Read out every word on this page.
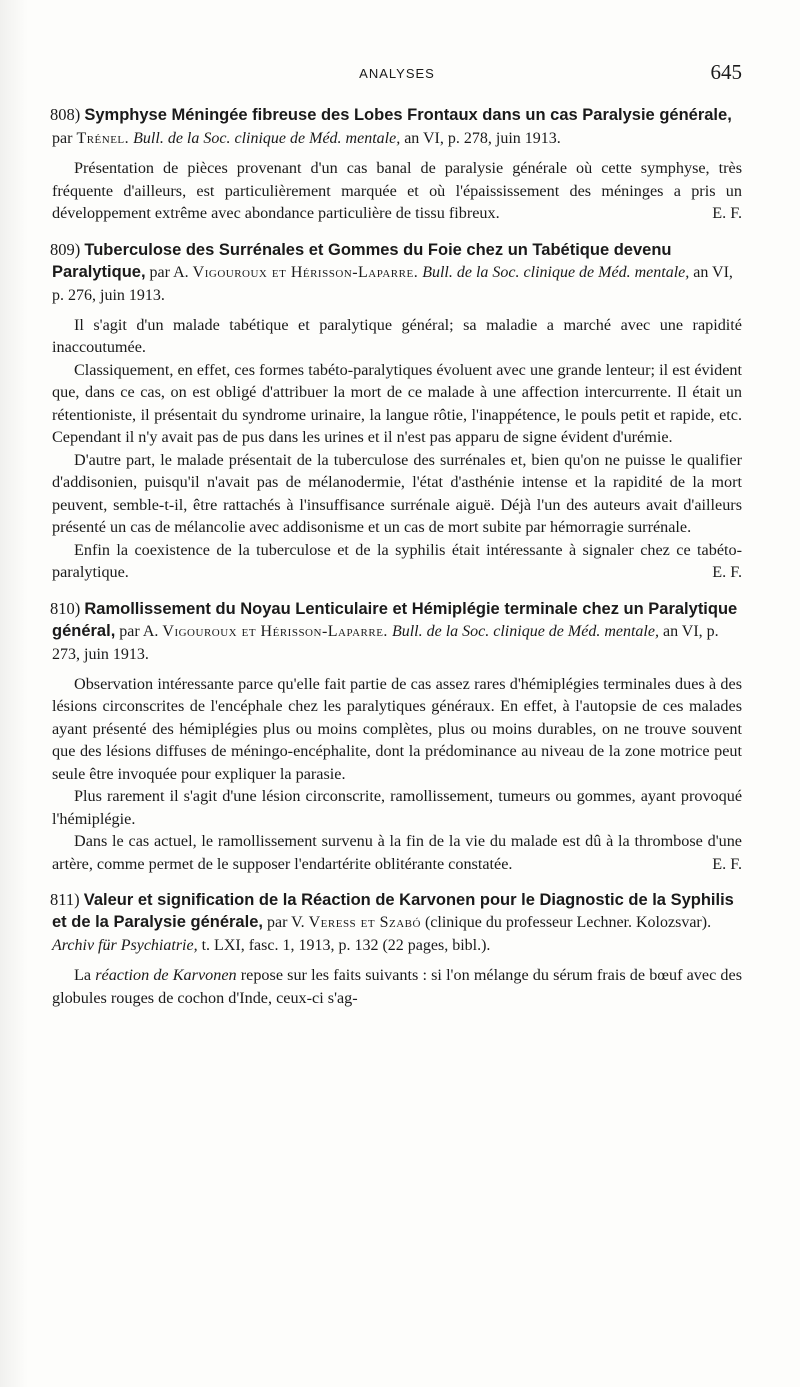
ANALYSES	645

808) Symphyse Méningée fibreuse des Lobes Frontaux dans un cas Paralysie générale, par Trénel. Bull. de la Soc. clinique de Méd. mentale, an VI, p. 278, juin 1913.

Présentation de pièces provenant d'un cas banal de paralysie générale où cette symphyse, très fréquente d'ailleurs, est particulièrement marquée et où l'épaississement des méninges a pris un développement extrême avec abondance particulière de tissu fibreux.	E. F.

809) Tuberculose des Surrénales et Gommes du Foie chez un Tabétique devenu Paralytique, par A. Vigouroux et Hérisson-Laparre. Bull. de la Soc. clinique de Méd. mentale, an VI, p. 276, juin 1913.

Il s'agit d'un malade tabétique et paralytique général; sa maladie a marché avec une rapidité inaccoutumée.

Classiquement, en effet, ces formes tabéto-paralytiques évoluent avec une grande lenteur; il est évident que, dans ce cas, on est obligé d'attribuer la mort de ce malade à une affection intercurrente. Il était un rétentioniste, il présentait du syndrome urinaire, la langue rôtie, l'inappétence, le pouls petit et rapide, etc. Cependant il n'y avait pas de pus dans les urines et il n'est pas apparu de signe évident d'urémie.

D'autre part, le malade présentait de la tuberculose des surrénales et, bien qu'on ne puisse le qualifier d'addisonien, puisqu'il n'avait pas de mélanodermie, l'état d'asthénie intense et la rapidité de la mort peuvent, semble-t-il, être rattachés à l'insuffisance surrénale aiguë. Déjà l'un des auteurs avait d'ailleurs présenté un cas de mélancolie avec addisonisme et un cas de mort subite par hémorragie surrénale.

Enfin la coexistence de la tuberculose et de la syphilis était intéressante à signaler chez ce tabéto-paralytique.	E. F.

810) Ramollissement du Noyau Lenticulaire et Hémiplégie terminale chez un Paralytique général, par A. Vigouroux et Hérisson-Laparre. Bull. de la Soc. clinique de Méd. mentale, an VI, p. 273, juin 1913.

Observation intéressante parce qu'elle fait partie de cas assez rares d'hémiplégies terminales dues à des lésions circonscrites de l'encéphale chez les paralytiques généraux. En effet, à l'autopsie de ces malades ayant présenté des hémiplégies plus ou moins complètes, plus ou moins durables, on ne trouve souvent que des lésions diffuses de méningo-encéphalite, dont la prédominance au niveau de la zone motrice peut seule être invoquée pour expliquer la parasie.

Plus rarement il s'agit d'une lésion circonscrite, ramollissement, tumeurs ou gommes, ayant provoqué l'hémiplégie.

Dans le cas actuel, le ramollissement survenu à la fin de la vie du malade est dû à la thrombose d'une artère, comme permet de le supposer l'endartérite oblitérante constatée.	E. F.

811) Valeur et signification de la Réaction de Karvonen pour le Diagnostic de la Syphilis et de la Paralysie générale, par V. Veress et Szabó (clinique du professeur Lechner. Kolozsvar). Archiv für Psychiatrie, t. LXI, fasc. 1, 1913, p. 132 (22 pages, bibl.).

La réaction de Karvonen repose sur les faits suivants : si l'on mélange du sérum frais de bœuf avec des globules rouges de cochon d'Inde, ceux-ci s'ag-
